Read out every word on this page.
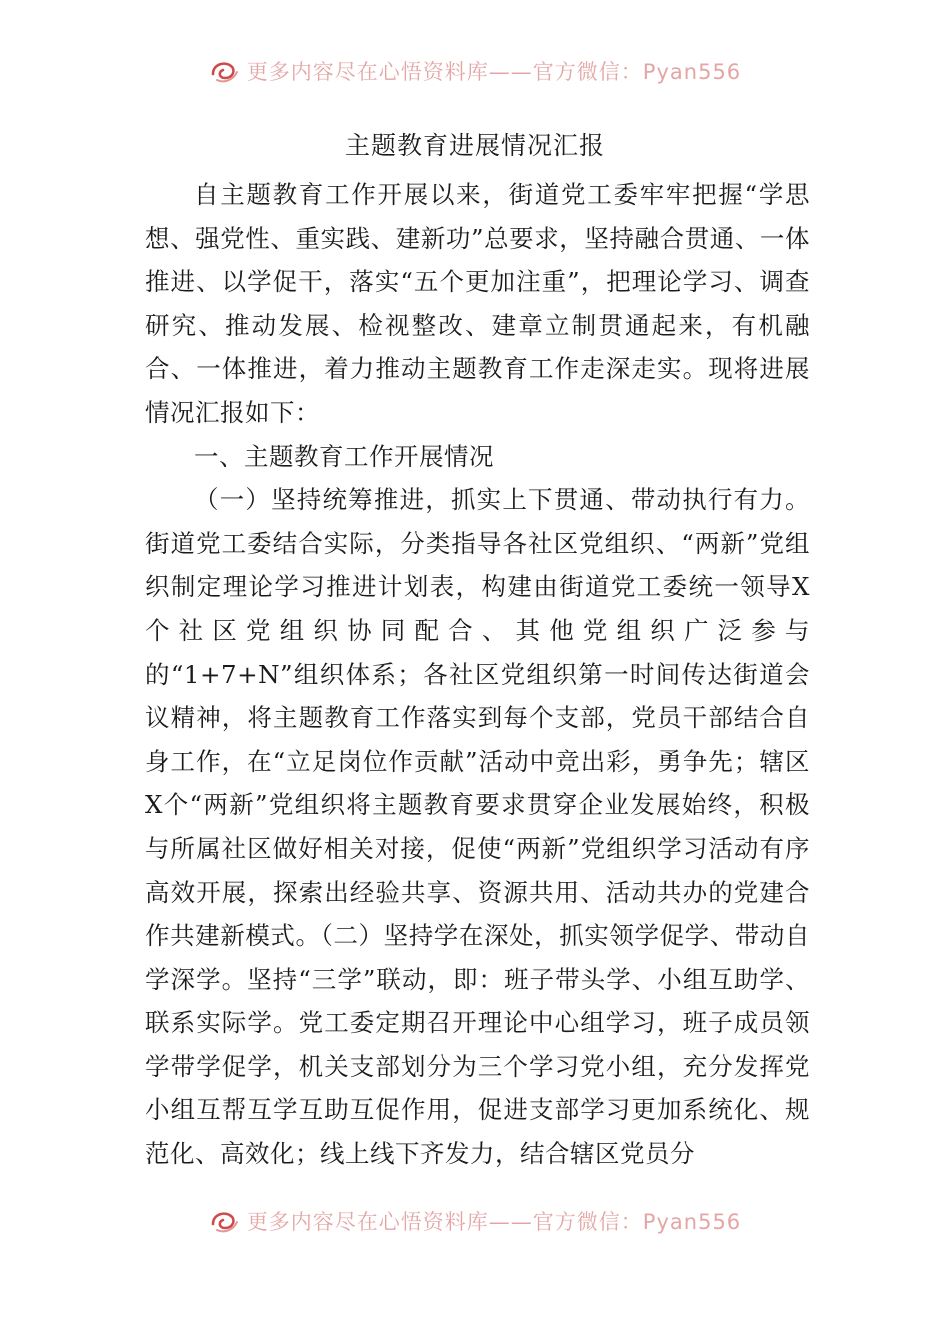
更多内容尽在心悟资料库——官方微信：Pyan556
主题教育进展情况汇报

自主题教育工作开展以来，街道党工委牢牢把握“学思想、强党性、重实践、建新功”总要求，坚持融合贯通、一体推进、以学促干，落实“五个更加注重”，把理论学习、调查研究、推动发展、检视整改、建章立制贯通起来，有机融合、一体推进，着力推动主题教育工作走深走实。现将进展情况汇报如下：

一、主题教育工作开展情况

（一）坚持统筹推进，抓实上下贯通、带动执行有力。街道党工委结合实际，分类指导各社区党组织、“两新”党组织制定理论学习推进计划表，构建由街道党工委统一领导X个社区党组织协同配合、其他党组织广泛参与的“1+7+N”组织体系；各社区党组织第一时间传达街道会议精神，将主题教育工作落实到每个支部，党员干部结合自身工作，在“立足岗位作贡献”活动中竞出彩，勇争先；辖区X个“两新”党组织将主题教育要求贯穿企业发展始终，积极与所属社区做好相关对接，促使“两新”党组织学习活动有序高效开展，探索出经验共享、资源共用、活动共办的党建合作共建新模式。（二）坚持学在深处，抓实领学促学、带动自学深学。坚持“三学”联动，即：班子带头学、小组互助学、联系实际学。党工委定期召开理论中心组学习，班子成员领学带学促学，机关支部划分为三个学习党小组，充分发挥党小组互帮互学互助互促作用，促进支部学习更加系统化、规范化、高效化；线上线下齐发力，结合辖区党员分

更多内容尽在心悟资料库——官方微信：Pyan556
